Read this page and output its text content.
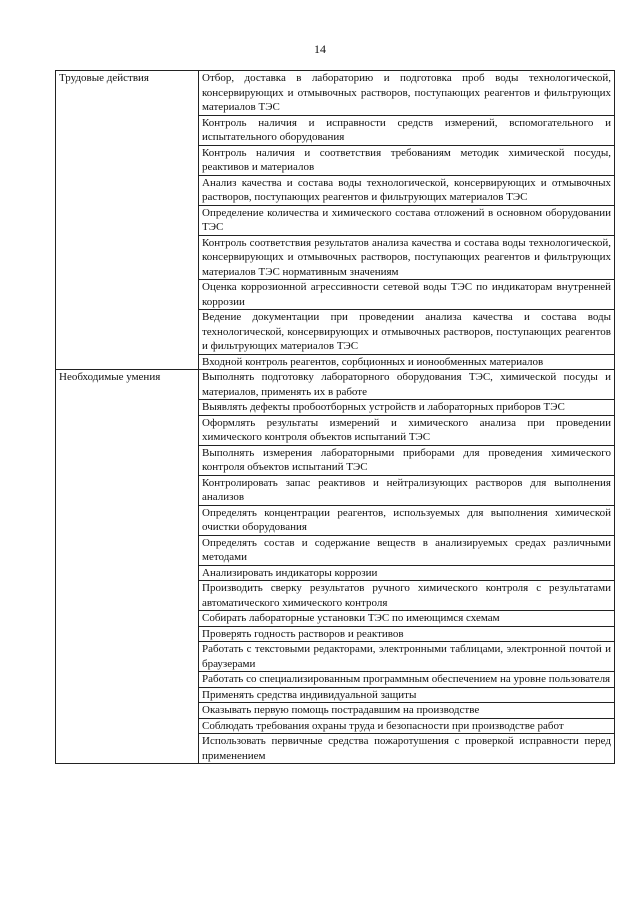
14
Трудовые действия	Отбор, доставка в лабораторию и подготовка проб воды технологической, консервирующих и отмывочных растворов, поступающих реагентов и фильтрующих материалов ТЭС
	Контроль наличия и исправности средств измерений, вспомогательного и испытательного оборудования
	Контроль наличия и соответствия требованиям методик химической посуды, реактивов и материалов
	Анализ качества и состава воды технологической, консервирующих и отмывочных растворов, поступающих реагентов и фильтрующих материалов ТЭС
	Определение количества и химического состава отложений в основном оборудовании ТЭС
	Контроль соответствия результатов анализа качества и состава воды технологической, консервирующих и отмывочных растворов, поступающих реагентов и фильтрующих материалов ТЭС нормативным значениям
	Оценка коррозионной агрессивности сетевой воды ТЭС по индикаторам внутренней коррозии
	Ведение документации при проведении анализа качества и состава воды технологической, консервирующих и отмывочных растворов, поступающих реагентов и фильтрующих материалов ТЭС
	Входной контроль реагентов, сорбционных и ионообменных материалов
Необходимые умения	Выполнять подготовку лабораторного оборудования ТЭС, химической посуды и материалов, применять их в работе
	Выявлять дефекты пробоотборных устройств и лабораторных приборов ТЭС
	Оформлять результаты измерений и химического анализа при проведении химического контроля объектов испытаний ТЭС
	Выполнять измерения лабораторными приборами для проведения химического контроля объектов испытаний ТЭС
	Контролировать запас реактивов и нейтрализующих растворов для выполнения анализов
	Определять концентрации реагентов, используемых для выполнения химической очистки оборудования
	Определять состав и содержание веществ в анализируемых средах различными методами
	Анализировать индикаторы коррозии
	Производить сверку результатов ручного химического контроля с результатами автоматического химического контроля
	Собирать лабораторные установки ТЭС по имеющимся схемам
	Проверять годность растворов и реактивов
	Работать с текстовыми редакторами, электронными таблицами, электронной почтой и браузерами
	Работать со специализированным программным обеспечением на уровне пользователя
	Применять средства индивидуальной защиты
	Оказывать первую помощь пострадавшим на производстве
	Соблюдать требования охраны труда и безопасности при производстве работ
	Использовать первичные средства пожаротушения с проверкой исправности перед применением
